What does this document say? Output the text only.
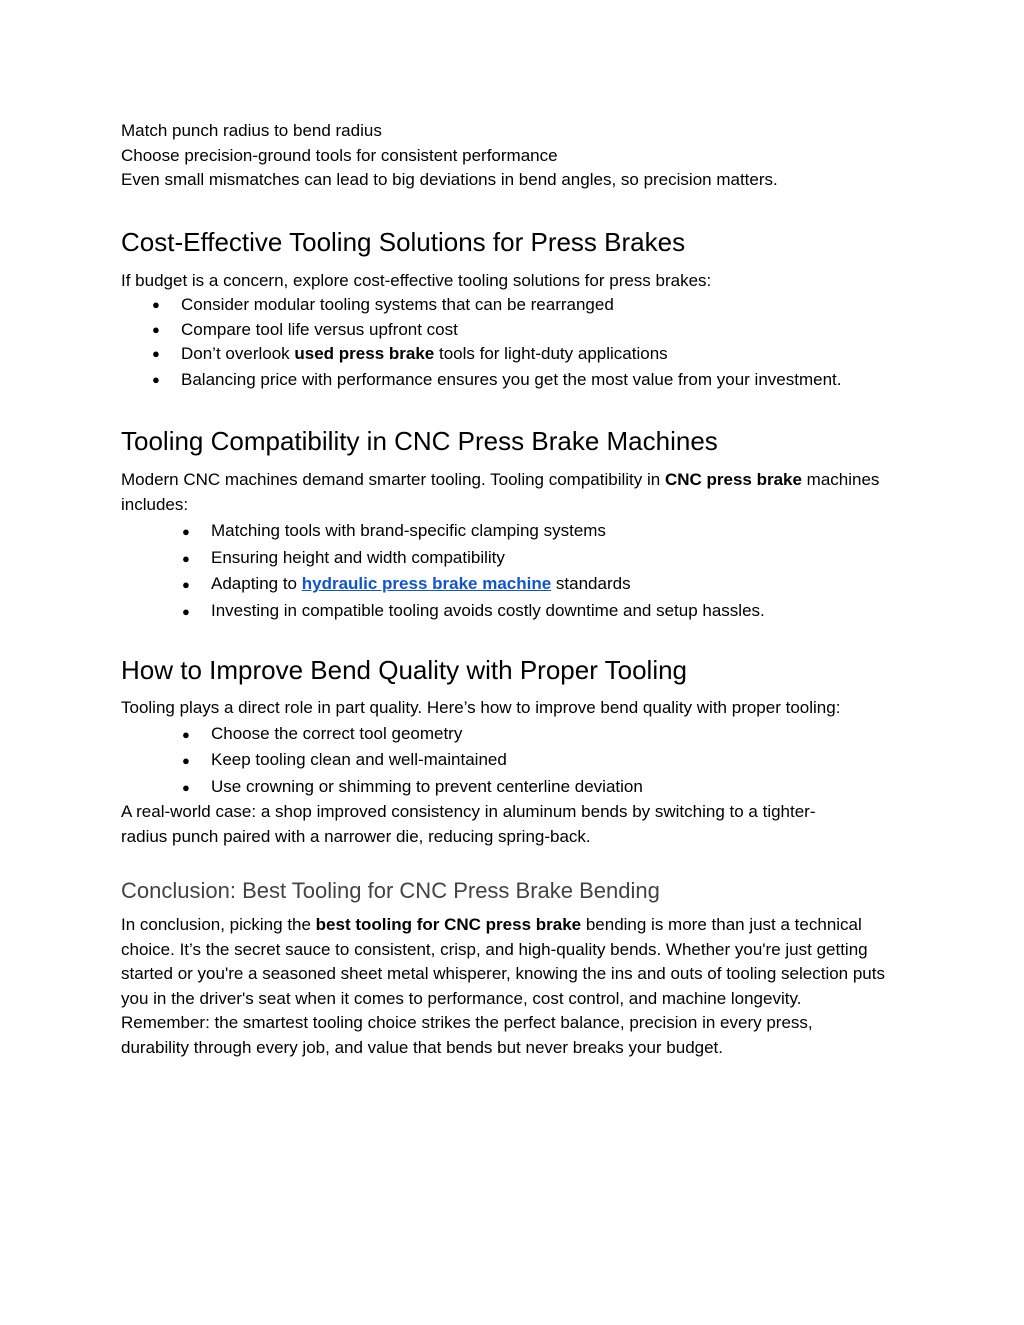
Match punch radius to bend radius

Choose precision-ground tools for consistent performance

Even small mismatches can lead to big deviations in bend angles, so precision matters.

Cost-Effective Tooling Solutions for Press Brakes

If budget is a concern, explore cost-effective tooling solutions for press brakes:

● Consider modular tooling systems that can be rearranged
● Compare tool life versus upfront cost
● Don’t overlook used press brake tools for light-duty applications
● Balancing price with performance ensures you get the most value from your investment.
Tooling Compatibility in CNC Press Brake Machines

Modern CNC machines demand smarter tooling. Tooling compatibility in CNC press brake machines includes:

● Matching tools with brand-specific clamping systems
● Ensuring height and width compatibility
● Adapting to hydraulic press brake machine standards
● Investing in compatible tooling avoids costly downtime and setup hassles.
How to Improve Bend Quality with Proper Tooling

Tooling plays a direct role in part quality. Here’s how to improve bend quality with proper tooling:

● Choose the correct tool geometry
● Keep tooling clean and well-maintained
● Use crowning or shimming to prevent centerline deviation

A real-world case: a shop improved consistency in aluminum bends by switching to a tighter-radius punch paired with a narrower die, reducing spring-back.

Conclusion: Best Tooling for CNC Press Brake Bending

In conclusion, picking the best tooling for CNC press brake bending is more than just a technical choice. It’s the secret sauce to consistent, crisp, and high-quality bends. Whether you're just getting started or you're a seasoned sheet metal whisperer, knowing the ins and outs of tooling selection puts you in the driver's seat when it comes to performance, cost control, and machine longevity.

Remember: the smartest tooling choice strikes the perfect balance, precision in every press, durability through every job, and value that bends but never breaks your budget.
